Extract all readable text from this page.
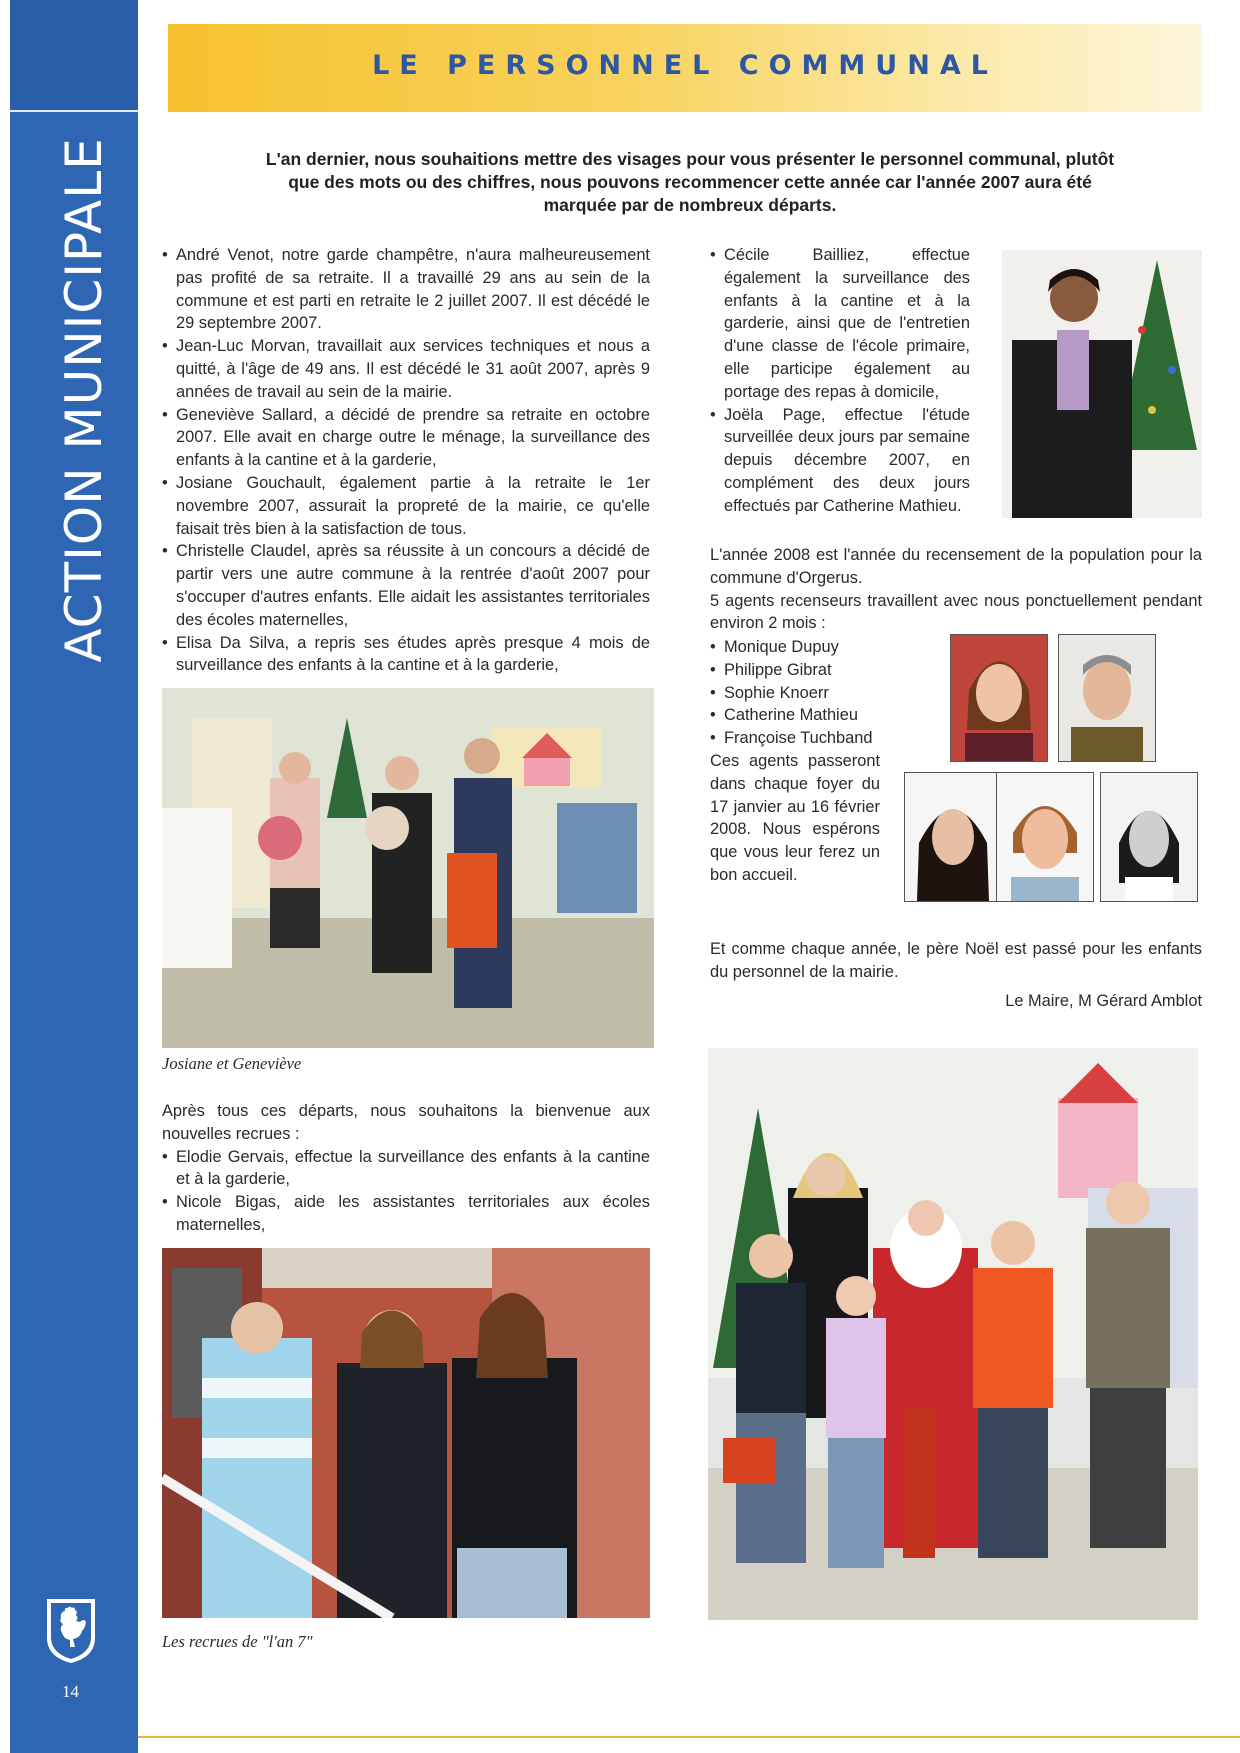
ACTION MUNICIPALE
14
LE PERSONNEL COMMUNAL
L'an dernier, nous souhaitions mettre des visages pour vous présenter le personnel communal, plutôt que des mots ou des chiffres, nous pouvons recommencer cette année car l'année 2007 aura été marquée par de nombreux départs.
• André Venot, notre garde champêtre, n'aura malheureusement pas profité de sa retraite. Il a travaillé 29 ans au sein de la commune et est parti en retraite le 2 juillet 2007. Il est décédé le 29 septembre 2007.
• Jean-Luc Morvan, travaillait aux services techniques et nous a quitté, à l'âge de 49 ans. Il est décédé le 31 août 2007, après 9 années de travail au sein de la mairie.
• Geneviève Sallard, a décidé de prendre sa retraite en octobre 2007. Elle avait en charge outre le ménage, la surveillance des enfants à la cantine et à la garderie,
• Josiane Gouchault, également partie à la retraite le 1er novembre 2007, assurait la propreté de la mairie, ce qu'elle faisait très bien à la satisfaction de tous.
• Christelle Claudel, après sa réussite à un concours a décidé de partir vers une autre commune à la rentrée d'août 2007 pour s'occuper d'autres enfants. Elle aidait les assistantes territoriales des écoles maternelles,
• Elisa Da Silva, a repris ses études après presque 4 mois de surveillance des enfants à la cantine et à la garderie,
Josiane et Geneviève

Après tous ces départs, nous souhaitons la bienvenue aux nouvelles recrues :

• Elodie Gervais, effectue la surveillance des enfants à la cantine et à la garderie,
• Nicole Bigas, aide les assistantes territoriales aux écoles maternelles,
Les recrues de "l'an 7"
• Cécile Bailliez, effectue également la surveillance des enfants à la cantine et à la garderie, ainsi que de l'entretien d'une classe de l'école primaire, elle participe également au portage des repas à domicile,
• Joëla Page, effectue l'étude surveillée deux jours par semaine depuis décembre 2007, en complément des deux jours effectués par Catherine Mathieu.

L'année 2008 est l'année du recensement de la population pour la commune d'Orgerus.

5 agents recenseurs travaillent avec nous ponctuellement pendant environ 2 mois :

• Monique Dupuy
• Philippe Gibrat
• Sophie Knoerr
• Catherine Mathieu
• Françoise Tuchband

Ces agents passeront dans chaque foyer du 17 janvier au 16 février 2008. Nous espérons que vous leur ferez un bon accueil.

Et comme chaque année, le père Noël est passé pour les enfants du personnel de la mairie.

Le Maire, M Gérard Amblot
